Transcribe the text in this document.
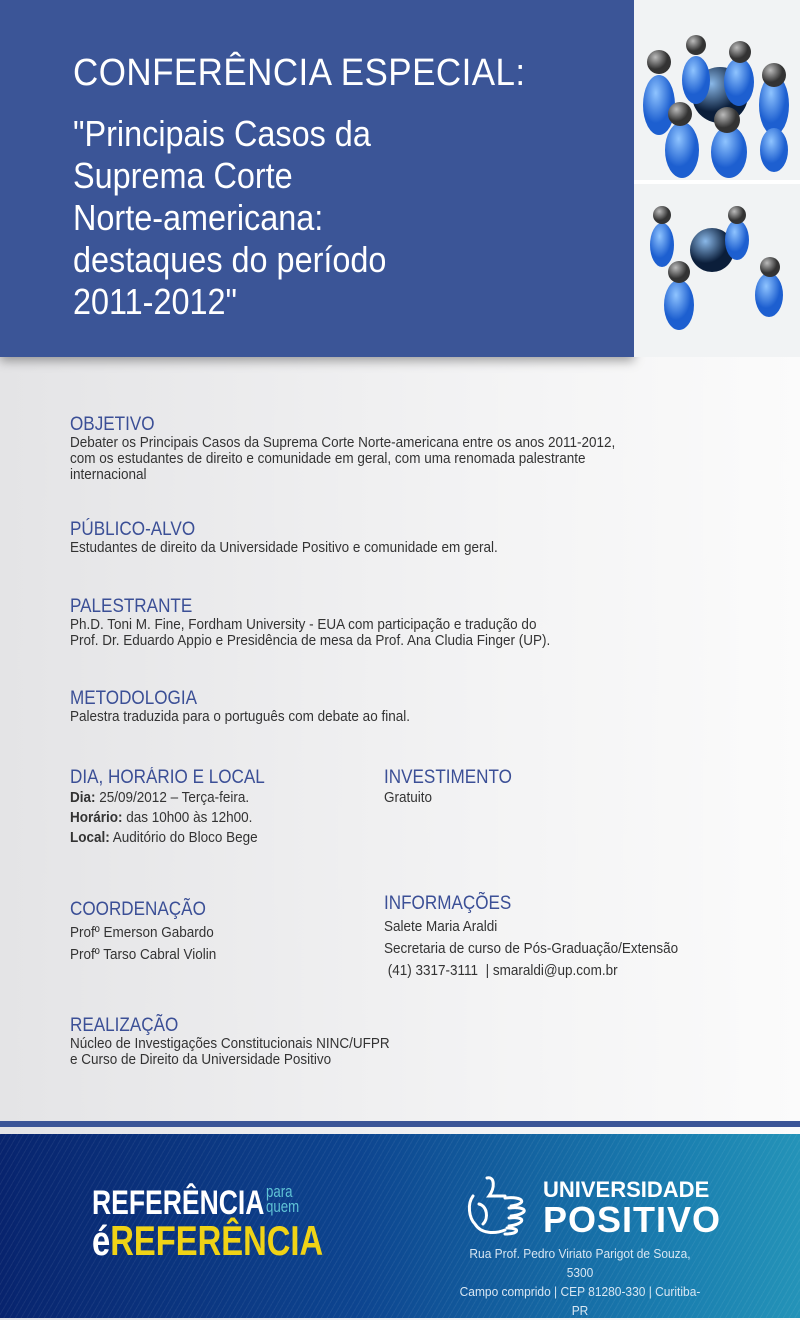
CONFERÊNCIA ESPECIAL:
"Principais Casos da
Suprema Corte
Norte-americana:
destaques do período
2011-2012"
OBJETIVO

Debater os Principais Casos da Suprema Corte Norte-americana entre os anos 2011-2012,

com os estudantes de direito e comunidade em geral, com uma renomada palestrante

internacional

PÚBLICO-ALVO

Estudantes de direito da Universidade Positivo e comunidade em geral.

PALESTRANTE

Ph.D. Toni M. Fine, Fordham University - EUA com participação e tradução do

Prof. Dr. Eduardo Appio e Presidência de mesa da Prof. Ana Cludia Finger (UP).

METODOLOGIA

Palestra traduzida para o português com debate ao final.

DIA, HORÁRIO E LOCAL

Dia: 25/09/2012 – Terça-feira.

Horário: das 10h00 às 12h00.

Local: Auditório do Bloco Bege

INVESTIMENTO

Gratuito

COORDENAÇÃO

Profº Emerson Gabardo

Profº Tarso Cabral Violin

INFORMAÇÕES

Salete Maria Araldi

Secretaria de curso de Pós-Graduação/Extensão

(41) 3317-3111  | smaraldi@up.com.br

REALIZAÇÃO

Núcleo de Investigações Constitucionais NINC/UFPR

e Curso de Direito da Universidade Positivo

REFERÊNCIApara
quem
éREFERÊNCIA
UNIVERSIDADE
POSITIVO
Rua Prof. Pedro Viriato Parigot de Souza, 5300
Campo comprido | CEP 81280-330 | Curitiba-PR
